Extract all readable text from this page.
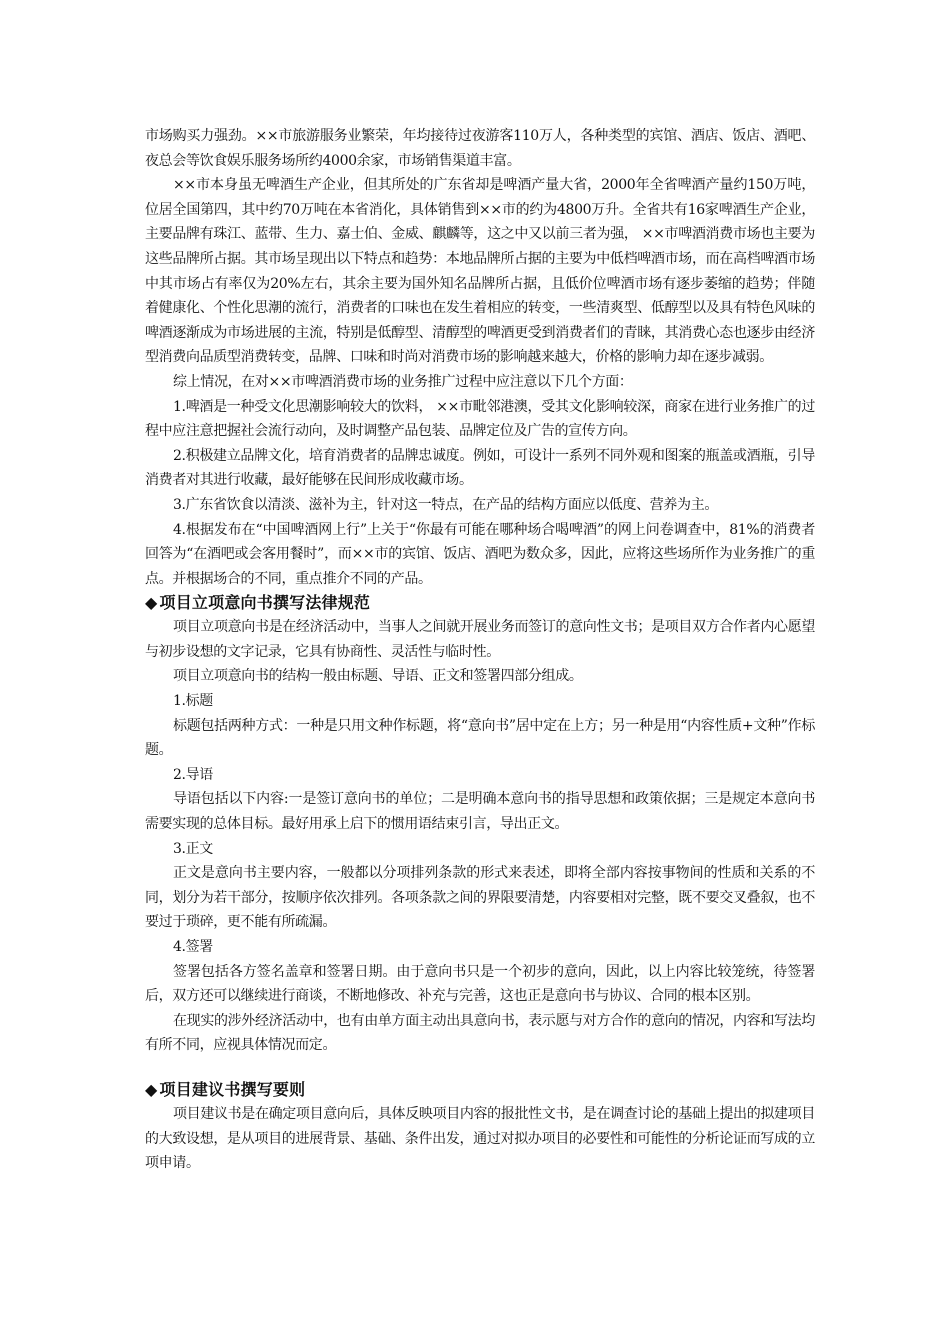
市场购买力强劲。××市旅游服务业繁荣，年均接待过夜游客110万人，各种类型的宾馆、酒店、饭店、酒吧、夜总会等饮食娱乐服务场所约4000余家，市场销售渠道丰富。

××市本身虽无啤酒生产企业，但其所处的广东省却是啤酒产量大省，2000年全省啤酒产量约150万吨，位居全国第四，其中约70万吨在本省消化，具体销售到××市的约为4800万升。全省共有16家啤酒生产企业，主要品牌有珠江、蓝带、生力、嘉士伯、金威、麒麟等，这之中又以前三者为强， ××市啤酒消费市场也主要为这些品牌所占据。其市场呈现出以下特点和趋势：本地品牌所占据的主要为中低档啤酒市场，而在高档啤酒市场中其市场占有率仅为20%左右，其余主要为国外知名品牌所占据，且低价位啤酒市场有逐步萎缩的趋势；伴随着健康化、个性化思潮的流行，消费者的口味也在发生着相应的转变，一些清爽型、低醇型以及具有特色风味的啤酒逐渐成为市场进展的主流，特别是低醇型、清醇型的啤酒更受到消费者们的青睐，其消费心态也逐步由经济型消费向品质型消费转变，品牌、口味和时尚对消费市场的影响越来越大，价格的影响力却在逐步减弱。

综上情况，在对××市啤酒消费市场的业务推广过程中应注意以下几个方面：

1.啤酒是一种受文化思潮影响较大的饮料， ××市毗邻港澳，受其文化影响较深，商家在进行业务推广的过程中应注意把握社会流行动向，及时调整产品包装、品牌定位及广告的宣传方向。

2.积极建立品牌文化，培育消费者的品牌忠诚度。例如，可设计一系列不同外观和图案的瓶盖或酒瓶，引导消费者对其进行收藏，最好能够在民间形成收藏市场。

3.广东省饮食以清淡、滋补为主，针对这一特点，在产品的结构方面应以低度、营养为主。

4.根据发布在“中国啤酒网上行”上关于“你最有可能在哪种场合喝啤酒”的网上问卷调查中，81%的消费者回答为“在酒吧或会客用餐时”，而××市的宾馆、饭店、酒吧为数众多，因此，应将这些场所作为业务推广的重点。并根据场合的不同，重点推介不同的产品。

◆ 项目立项意向书撰写法律规范

项目立项意向书是在经济活动中，当事人之间就开展业务而签订的意向性文书；是项目双方合作者内心愿望与初步设想的文字记录，它具有协商性、灵活性与临时性。

项目立项意向书的结构一般由标题、导语、正文和签署四部分组成。

1.标题

标题包括两种方式：一种是只用文种作标题，将“意向书”居中定在上方；另一种是用“内容性质+文种”作标题。

2.导语

导语包括以下内容:一是签订意向书的单位；二是明确本意向书的指导思想和政策依据；三是规定本意向书需要实现的总体目标。最好用承上启下的惯用语结束引言，导出正文。

3.正文

正文是意向书主要内容，一般都以分项排列条款的形式来表述，即将全部内容按事物间的性质和关系的不同，划分为若干部分，按顺序依次排列。各项条款之间的界限要清楚，内容要相对完整，既不要交叉叠叙，也不要过于琐碎，更不能有所疏漏。

4.签署

签署包括各方签名盖章和签署日期。由于意向书只是一个初步的意向，因此，以上内容比较笼统，待签署后，双方还可以继续进行商谈，不断地修改、补充与完善，这也正是意向书与协议、合同的根本区别。

在现实的涉外经济活动中，也有由单方面主动出具意向书，表示愿与对方合作的意向的情况，内容和写法均有所不同，应视具体情况而定。

◆ 项目建议书撰写要则

项目建议书是在确定项目意向后，具体反映项目内容的报批性文书，是在调查讨论的基础上提出的拟建项目的大致设想，是从项目的进展背景、基础、条件出发，通过对拟办项目的必要性和可能性的分析论证而写成的立项申请。
